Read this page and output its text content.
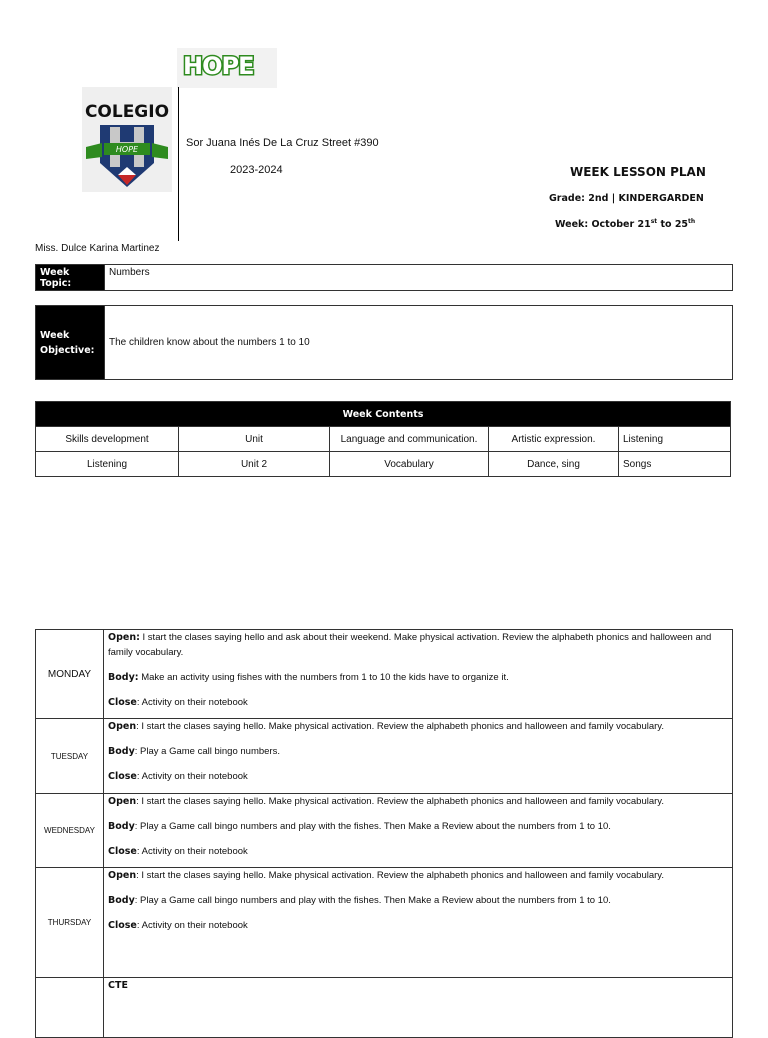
HOPE
COLEGIO
HOPE
Sor Juana Inés De La Cruz Street #390
2023-2024	WEEK LESSON PLAN
Grade: 2nd | KINDERGARDEN
Week: October 21st to 25th
Miss. Dulce Karina Martinez
Week Topic:	Numbers
Week Objective:	The children know about the numbers 1 to 10
Week Contents				
Skills development	Unit	Language and communication.	Artistic expression.	Listening
Listening	Unit 2	Vocabulary	Dance, sing	Songs
MONDAY	Open: I start the clases saying hello and ask about their weekend. Make physical activation. Review the alphabeth phonics and halloween and family vocabulary.

Body: Make an activity using fishes with the numbers from 1 to 10 the kids have to organize it.

Close: Activity on their notebook

TUESDAY	Open: I start the clases saying hello. Make physical activation. Review the alphabeth phonics and halloween and family vocabulary.

Body: Play a Game call bingo numbers.

Close: Activity on their notebook

WEDNESDAY	Open: I start the clases saying hello. Make physical activation. Review the alphabeth phonics and halloween and family vocabulary.

Body: Play a Game call bingo numbers and play with the fishes. Then Make a Review about the numbers from 1 to 10.

Close: Activity on their notebook

THURSDAY	Open: I start the clases saying hello. Make physical activation. Review the alphabeth phonics and halloween and family vocabulary.

Body: Play a Game call bingo numbers and play with the fishes. Then Make a Review about the numbers from 1 to 10.

Close: Activity on their notebook

	CTE
